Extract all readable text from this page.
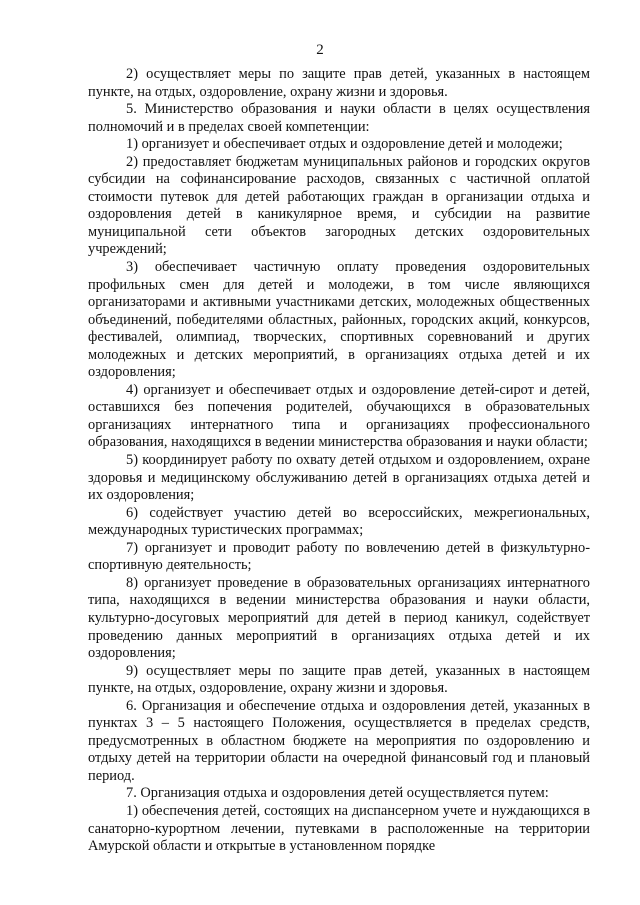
2

2) осуществляет меры по защите прав детей, указанных в настоящем пункте, на отдых, оздоровление, охрану жизни и здоровья.

5. Министерство образования и науки области в целях осуществления полномочий и в пределах своей компетенции:

1) организует и обеспечивает отдых и оздоровление детей и молодежи;

2) предоставляет бюджетам муниципальных районов и городских округов субсидии на софинансирование расходов, связанных с частичной оплатой стоимости путевок для детей работающих граждан в организации отдыха и оздоровления детей в каникулярное время, и субсидии на развитие муниципальной сети объектов загородных детских оздоровительных учреждений;

3) обеспечивает частичную оплату проведения оздоровительных профильных смен для детей и молодежи, в том числе являющихся организаторами и активными участниками детских, молодежных общественных объединений, победителями областных, районных, городских акций, конкурсов, фестивалей, олимпиад, творческих, спортивных соревнований и других молодежных и детских мероприятий, в организациях отдыха детей и их оздоровления;

4) организует и обеспечивает отдых и оздоровление детей-сирот и детей, оставшихся без попечения родителей, обучающихся в образовательных организациях интернатного типа и организациях профессионального образования, находящихся в ведении министерства образования и науки области;

5) координирует работу по охвату детей отдыхом и оздоровлением, охране здоровья и медицинскому обслуживанию детей в организациях отдыха детей и их оздоровления;

6) содействует участию детей во всероссийских, межрегиональных, международных туристических программах;

7) организует и проводит работу по вовлечению детей в физкультурно-спортивную деятельность;

8) организует проведение в образовательных организациях интернатного типа, находящихся в ведении министерства образования и науки области, культурно-досуговых мероприятий для детей в период каникул, содействует проведению данных мероприятий в организациях отдыха детей и их оздоровления;

9) осуществляет меры по защите прав детей, указанных в настоящем пункте, на отдых, оздоровление, охрану жизни и здоровья.

6. Организация и обеспечение отдыха и оздоровления детей, указанных в пунктах 3 – 5 настоящего Положения, осуществляется в пределах средств, предусмотренных в областном бюджете на мероприятия по оздоровлению и отдыху детей на территории области на очередной финансовый год и плановый период.

7. Организация отдыха и оздоровления детей осуществляется путем:

1) обеспечения детей, состоящих на диспансерном учете и нуждающихся в санаторно-курортном лечении, путевками в расположенные на территории Амурской области и открытые в установленном порядке
